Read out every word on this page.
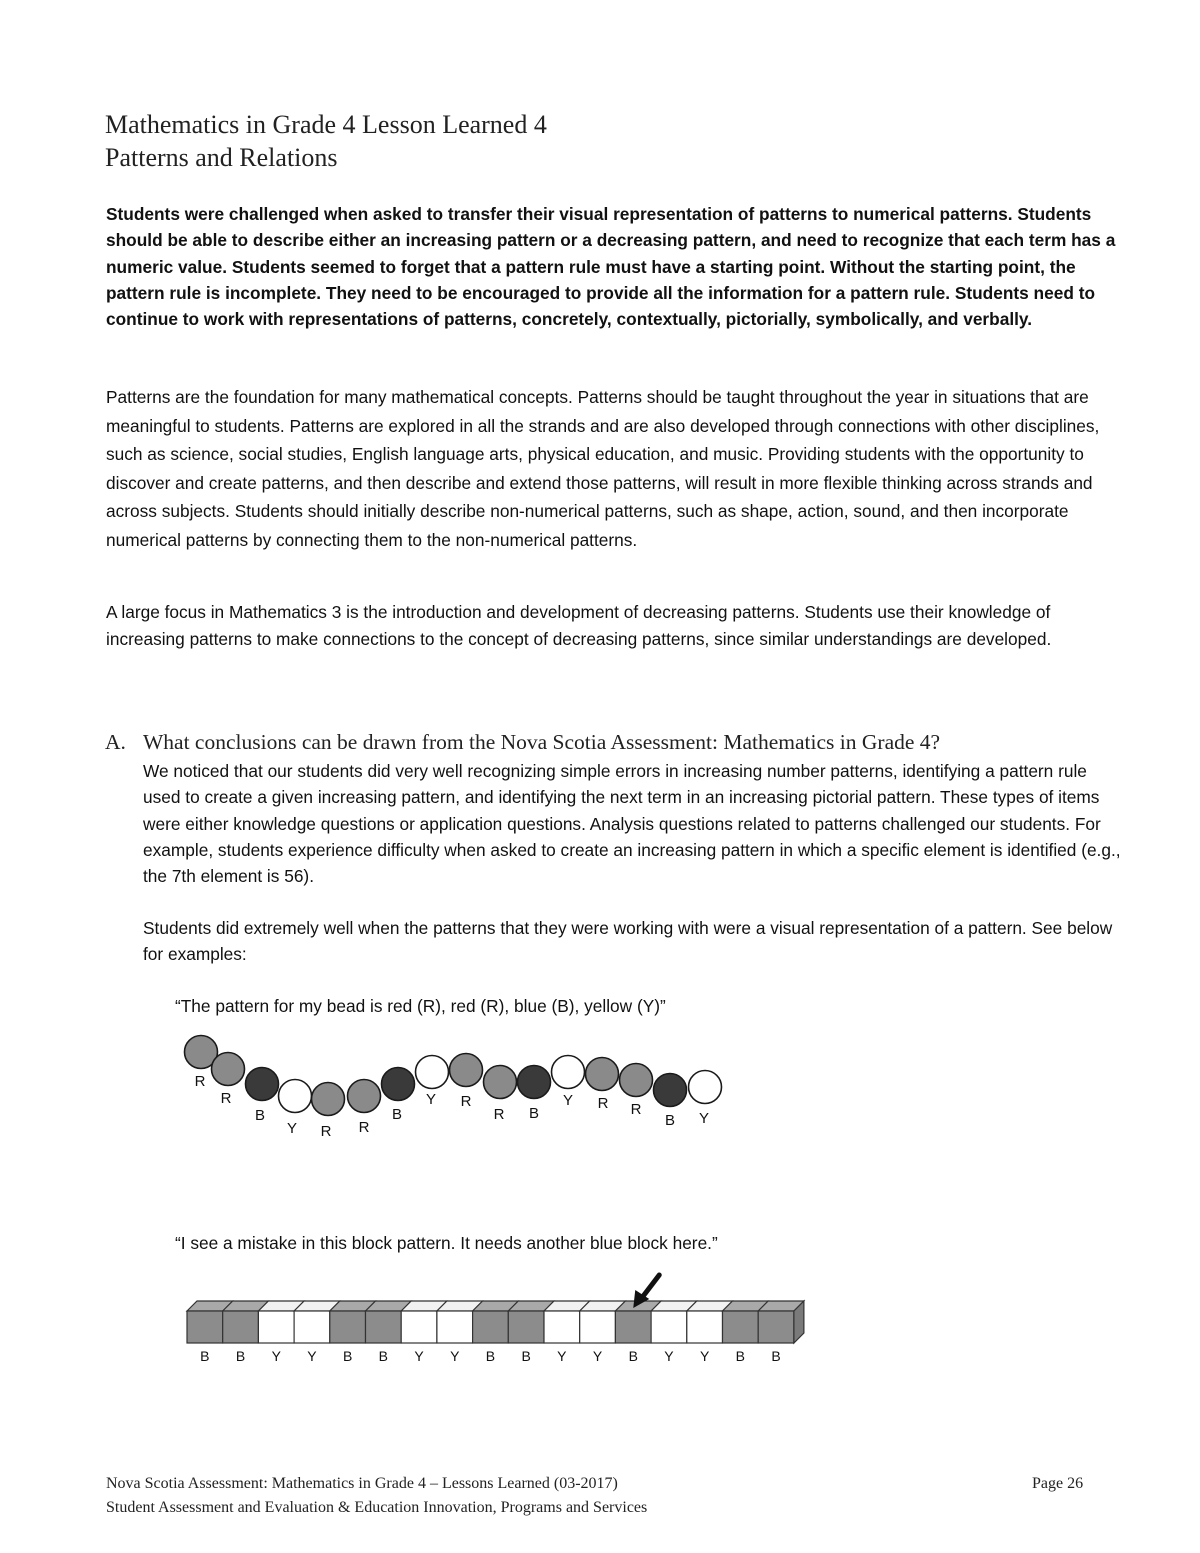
Mathematics in Grade 4 Lesson Learned 4
Patterns and Relations

Students were challenged when asked to transfer their visual representation of patterns to numerical patterns. Students should be able to describe either an increasing pattern or a decreasing pattern, and need to recognize that each term has a numeric value. Students seemed to forget that a pattern rule must have a starting point. Without the starting point, the pattern rule is incomplete. They need to be encouraged to provide all the information for a pattern rule. Students need to continue to work with representations of patterns, concretely, contextually, pictorially, symbolically, and verbally.

Patterns are the foundation for many mathematical concepts. Patterns should be taught throughout the year in situations that are meaningful to students. Patterns are explored in all the strands and are also developed through connections with other disciplines, such as science, social studies, English language arts, physical education, and music. Providing students with the opportunity to discover and create patterns, and then describe and extend those patterns, will result in more flexible thinking across strands and across subjects. Students should initially describe non-numerical patterns, such as shape, action, sound, and then incorporate numerical patterns by connecting them to the non-numerical patterns.

A large focus in Mathematics 3 is the introduction and development of decreasing patterns. Students use their knowledge of increasing patterns to make connections to the concept of decreasing patterns, since similar understandings are developed.

A. What conclusions can be drawn from the Nova Scotia Assessment: Mathematics in Grade 4?

We noticed that our students did very well recognizing simple errors in increasing number patterns, identifying a pattern rule used to create a given increasing pattern, and identifying the next term in an increasing pictorial pattern. These types of items were either knowledge questions or application questions. Analysis questions related to patterns challenged our students. For example, students experience difficulty when asked to create an increasing pattern in which a specific element is identified (e.g., the 7th element is 56).

Students did extremely well when the patterns that they were working with were a visual representation of a pattern. See below for examples:

“The pattern for my bead is red (R), red (R), blue (B), yellow (Y)”
R
R
B
Y R R
B
Y R
R B
Y R R
B Y
“I see a mistake in this block pattern. It needs another blue block here.”
B B Y Y B B Y Y B B Y Y B Y Y B B
Nova Scotia Assessment: Mathematics in Grade 4 – Lessons Learned (03-2017)
Student Assessment and Evaluation & Education Innovation, Programs and Services
Page 26
